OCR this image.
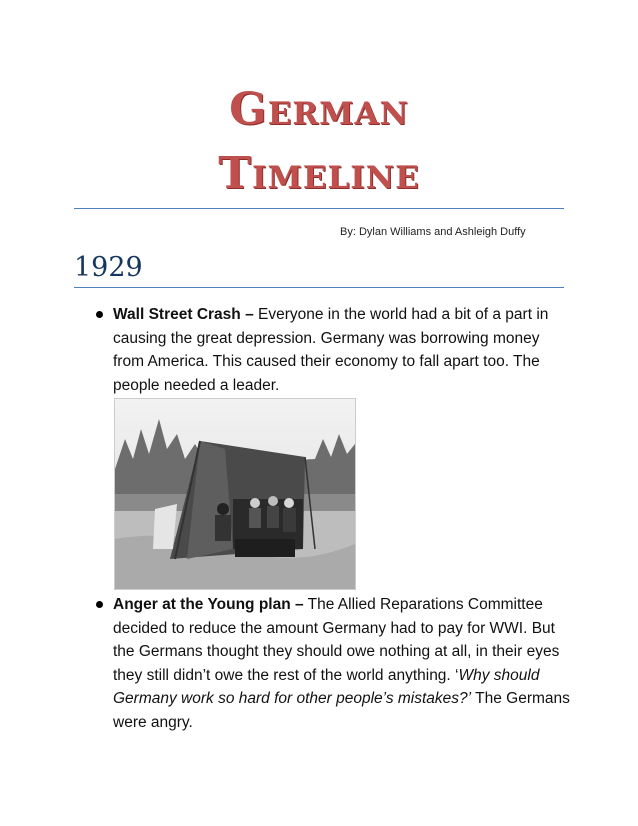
German
Timeline
By: Dylan Williams and Ashleigh Duffy
1929
Wall Street Crash – Everyone in the world had a bit of a part in causing the great depression. Germany was borrowing money from America. This caused their economy to fall apart too. The people needed a leader.
Anger at the Young plan – The Allied Reparations Committee decided to reduce the amount Germany had to pay for WWI. But the Germans thought they should owe nothing at all, in their eyes they still didn’t owe the rest of the world anything. ‘Why should Germany work so hard for other people’s mistakes?’ The Germans were angry.
